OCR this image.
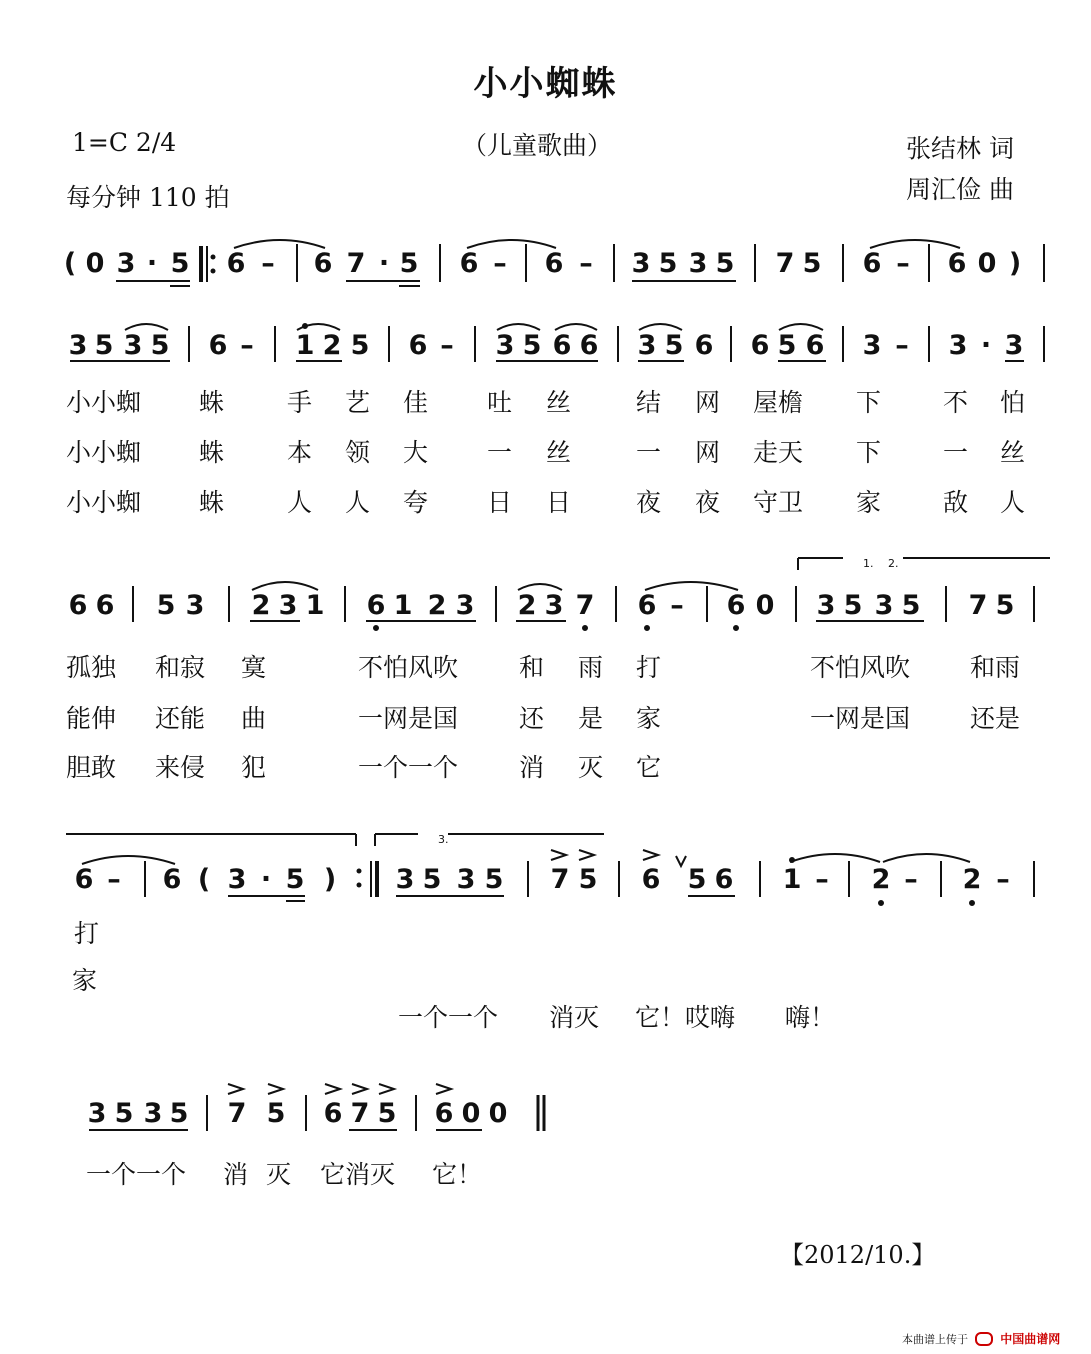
小小蜘蛛
1=C 2/4	（儿童歌曲）	张结林 词
周汇俭 曲
每分钟 110 拍
( 0 3 · 5 6 – 6 7 · 5 6 – 6 – 3 5 3 5 7 5 6 – 6 0 )
3 5 3 5 6 – 1 2 5 6 – 3 5 6 6 3 5 6 6 5 6 3 – 3 · 3
6 6 5 3 2 3 1 6 1 2 3 2 3 7 6 – 6 0 3 5 3 5 7 5
6 – 6 ( 3 · 5 ) 3 5 3 5 7 5 6 5 6 1 – 2 – 2 –
3 5 3 5 7 5 6 7 5 6 0 0
小小蜘 蛛	手 艺 佳 吐 丝	结 网 屋檐 下 不 怕
小小蜘 蛛	本 领 大 一 丝	一 网 走天 下 一 丝
小小蜘 蛛	人 人 夸 日 日	夜 夜 守卫 家 敌 人
孤独 和寂 寞	不怕风吹 和 雨 打	不怕风吹 和雨
能伸 还能 曲	一网是国 还 是 家	一网是国 还是
胆敢 来侵 犯	一个一个 消 灭 它
打
家
一个一个 消灭 它！哎嗨 嗨！
一个一个 消 灭 它消灭 它！
1. 2.
3.
【2012/10.】
本曲谱上传于	中国曲谱网
